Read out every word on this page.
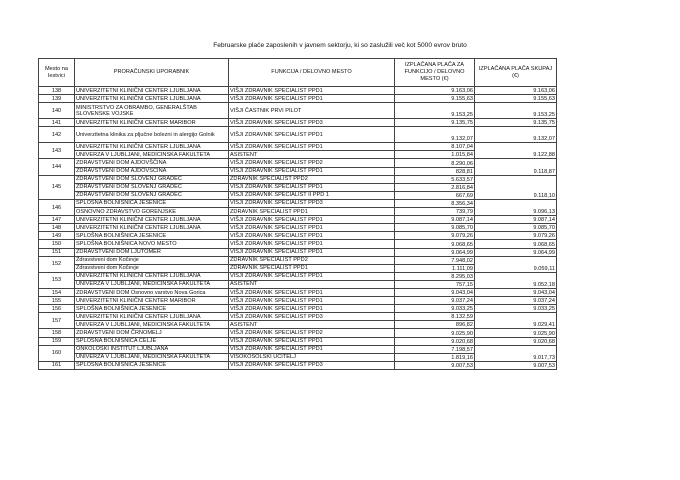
Februarske plače zaposlenih v javnem sektorju, ki so zaslužili več kot 5000 evrov bruto
Mesto na lestvici	PRORAČUNSKI UPORABNIK	FUNKCIJA / DELOVNO MESTO	IZPLAČANA PLAČA ZA FUNKCIJO / DELOVNO MESTO (€)	IZPLAČANA PLAČA SKUPAJ (€)
138	UNIVERZITETNI KLINIČNI CENTER LJUBLJANA	VIŠJI ZDRAVNIK SPECIALIST PPD1	9.163,06	9.163,06
139	UNIVERZITETNI KLINIČNI CENTER LJUBLJANA	VIŠJI ZDRAVNIK SPECIALIST PPD1	9.155,63	9.155,63
140	MINISTRSTVO ZA OBRAMBO, GENERALŠTAB SLOVENSKE VOJSKE	VIŠJI ČASTNIK PRVI PILOT	9.153,25	9.153,25
141	UNIVERZITETNI KLINIČNI CENTER MARIBOR	VIŠJI ZDRAVNIK SPECIALIST PPD3	9.135,75	9.135,75
142	Univerzitetna klinika za pljučne bolezni in alergijo Golnik	VIŠJI ZDRAVNIK SPECIALIST PPD1	9.132,07	9.132,07
143	UNIVERZITETNI KLINIČNI CENTER LJUBLJANA	VIŠJI ZDRAVNIK SPECIALIST PPD1	8.107,04	9.122,88
	UNIVERZA V LJUBLJANI, MEDICINSKA FAKULTETA	ASISTENT	1.015,84	
144	ZDRAVSTVENI DOM AJDOVŠČINA	VIŠJI ZDRAVNIK SPECIALIST PPD2	8.290,06	9.118,87
	ZDRAVSTVENI DOM AJDOVŠČINA	VIŠJI ZDRAVNIK SPECIALIST PPD1	828,81	
145	ZDRAVSTVENI DOM SLOVENJ GRADEC	ZDRAVNIK SPECIALIST PPD2	5.633,57	9.118,10
	ZDRAVSTVENI DOM SLOVENJ GRADEC	VIŠJI ZDRAVNIK SPECIALIST PPD1	2.816,84	
	ZDRAVSTVENI DOM SLOVENJ GRADEC	VIŠJI ZDRAVNIK SPECIALIST II PPD 1	667,69	
146	SPLOŠNA BOLNIŠNICA JESENICE	VIŠJI ZDRAVNIK SPECIALIST PPD3	8.356,34	9.096,13
	OSNOVNO ZDRAVSTVO GORENJSKE	ZDRAVNIK SPECIALIST PPD1	739,79	
147	UNIVERZITETNI KLINIČNI CENTER LJUBLJANA	VIŠJI ZDRAVNIK SPECIALIST PPD1	9.087,14	9.087,14
148	UNIVERZITETNI KLINIČNI CENTER LJUBLJANA	VIŠJI ZDRAVNIK SPECIALIST PPD1	9.085,70	9.085,70
149	SPLOŠNA BOLNIŠNICA JESENICE	VIŠJI ZDRAVNIK SPECIALIST PPD1	9.079,26	9.079,26
150	SPLOŠNA BOLNIŠNICA NOVO MESTO	VIŠJI ZDRAVNIK SPECIALIST PPD1	9.068,65	9.068,65
151	ZDRAVSTVENI DOM LJUTOMER	VIŠJI ZDRAVNIK SPECIALIST PPD1	9.064,99	9.064,99
152	Zdravstveni dom Kočevje	ZDRAVNIK SPECIALIST PPD2	7.948,02	9.059,11
	Zdravstveni dom Kočevje	ZDRAVNIK SPECIALIST PPD1	1.111,09	
153	UNIVERZITETNI KLINIČNI CENTER LJUBLJANA	VIŠJI ZDRAVNIK SPECIALIST PPD1	8.295,03	9.052,18
	UNIVERZA V LJUBLJANI, MEDICINSKA FAKULTETA	ASISTENT	757,15	
154	ZDRAVSTVENI DOM Osnovno varstvo Nova Gorica	VIŠJI ZDRAVNIK SPECIALIST PPD1	9.043,04	9.043,04
155	UNIVERZITETNI KLINIČNI CENTER MARIBOR	VIŠJI ZDRAVNIK SPECIALIST PPD1	9.037,24	9.037,24
156	SPLOŠNA BOLNIŠNICA JESENICE	VIŠJI ZDRAVNIK SPECIALIST PPD1	9.033,25	9.033,25
157	UNIVERZITETNI KLINIČNI CENTER LJUBLJANA	VIŠJI ZDRAVNIK SPECIALIST PPD3	8.132,59	9.029,41
	UNIVERZA V LJUBLJANI, MEDICINSKA FAKULTETA	ASISTENT	896,82	
158	ZDRAVSTVENI DOM ČRNOMELJ	VIŠJI ZDRAVNIK SPECIALIST PPD2	9.025,90	9.025,90
159	SPLOŠNA BOLNIŠNICA CELJE	VIŠJI ZDRAVNIK SPECIALIST PPD1	9.020,68	9.020,68
160	ONKOLOŠKI INŠTITUT LJUBLJANA	VIŠJI ZDRAVNIK SPECIALIST PPD1	7.198,57	9.017,73
	UNIVERZA V LJUBLJANI, MEDICINSKA FAKULTETA	VISOKOŠOLSKI UČITELJ	1.819,16	
161	SPLOŠNA BOLNIŠNICA JESENICE	VIŠJI ZDRAVNIK SPECIALIST PPD3	9.007,53	9.007,53
